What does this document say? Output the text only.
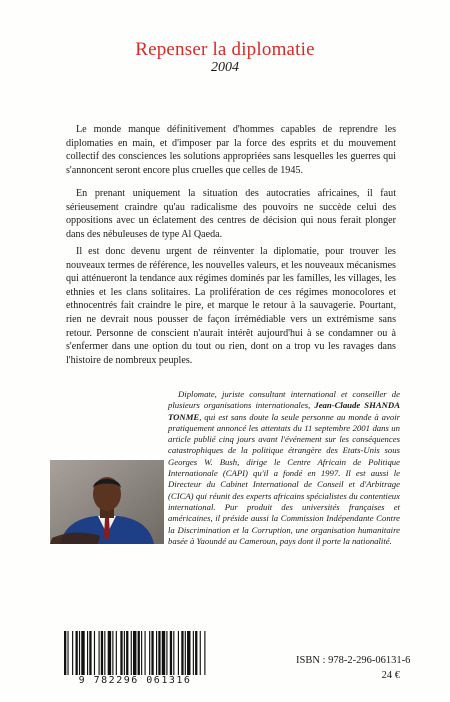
Repenser la diplomatie
2004

Le monde manque définitivement d'hommes capables de reprendre les diplomaties en main, et d'imposer par la force des esprits et du mouvement collectif des consciences les solutions appropriées sans lesquelles les guerres qui s'annoncent seront encore plus cruelles que celles de 1945.

En prenant uniquement la situation des autocraties africaines, il faut sérieusement craindre qu'au radicalisme des pouvoirs ne succède celui des oppositions avec un éclatement des centres de décision qui nous ferait plonger dans des nébuleuses de type Al Qaeda.

Il est donc devenu urgent de réinventer la diplomatie, pour trouver les nouveaux termes de référence, les nouvelles valeurs, et les nouveaux mécanismes qui atténueront la tendance aux régimes dominés par les familles, les villages, les ethnies et les clans solitaires. La prolifération de ces régimes monocolores et ethnocentrés fait craindre le pire, et marque le retour à la sauvagerie. Pourtant, rien ne devrait nous pousser de façon irrémédiable vers un extrémisme sans retour. Personne de conscient n'aurait intérêt aujourd'hui à se condamner ou à s'enfermer dans une option du tout ou rien, dont on a trop vu les ravages dans l'histoire de nombreux peuples.

Diplomate, juriste consultant international et conseiller de plusieurs organisations internationales, Jean-Claude SHANDA TONME, qui est sans doute la seule personne au monde à avoir pratiquement annoncé les attentats du 11 septembre 2001 dans un article publié cinq jours avant l'événement sur les conséquences catastrophiques de la politique étrangère des Etats-Unis sous Georges W. Bush, dirige le Centre Africain de Politique Internationale (CAPI) qu'il a fondé en 1997. Il est aussi le Directeur du Cabinet International de Conseil et d'Arbitrage (CICA) qui réunit des experts africains spécialistes du contentieux international. Pur produit des universités françaises et américaines, il préside aussi la Commission Indépendante Contre la Discrimination et la Corruption, une organisation humanitaire basée à Yaoundé au Cameroun, pays dont il porte la nationalité.
9 782296 061316
ISBN : 978-2-296-06131-6
24 €
